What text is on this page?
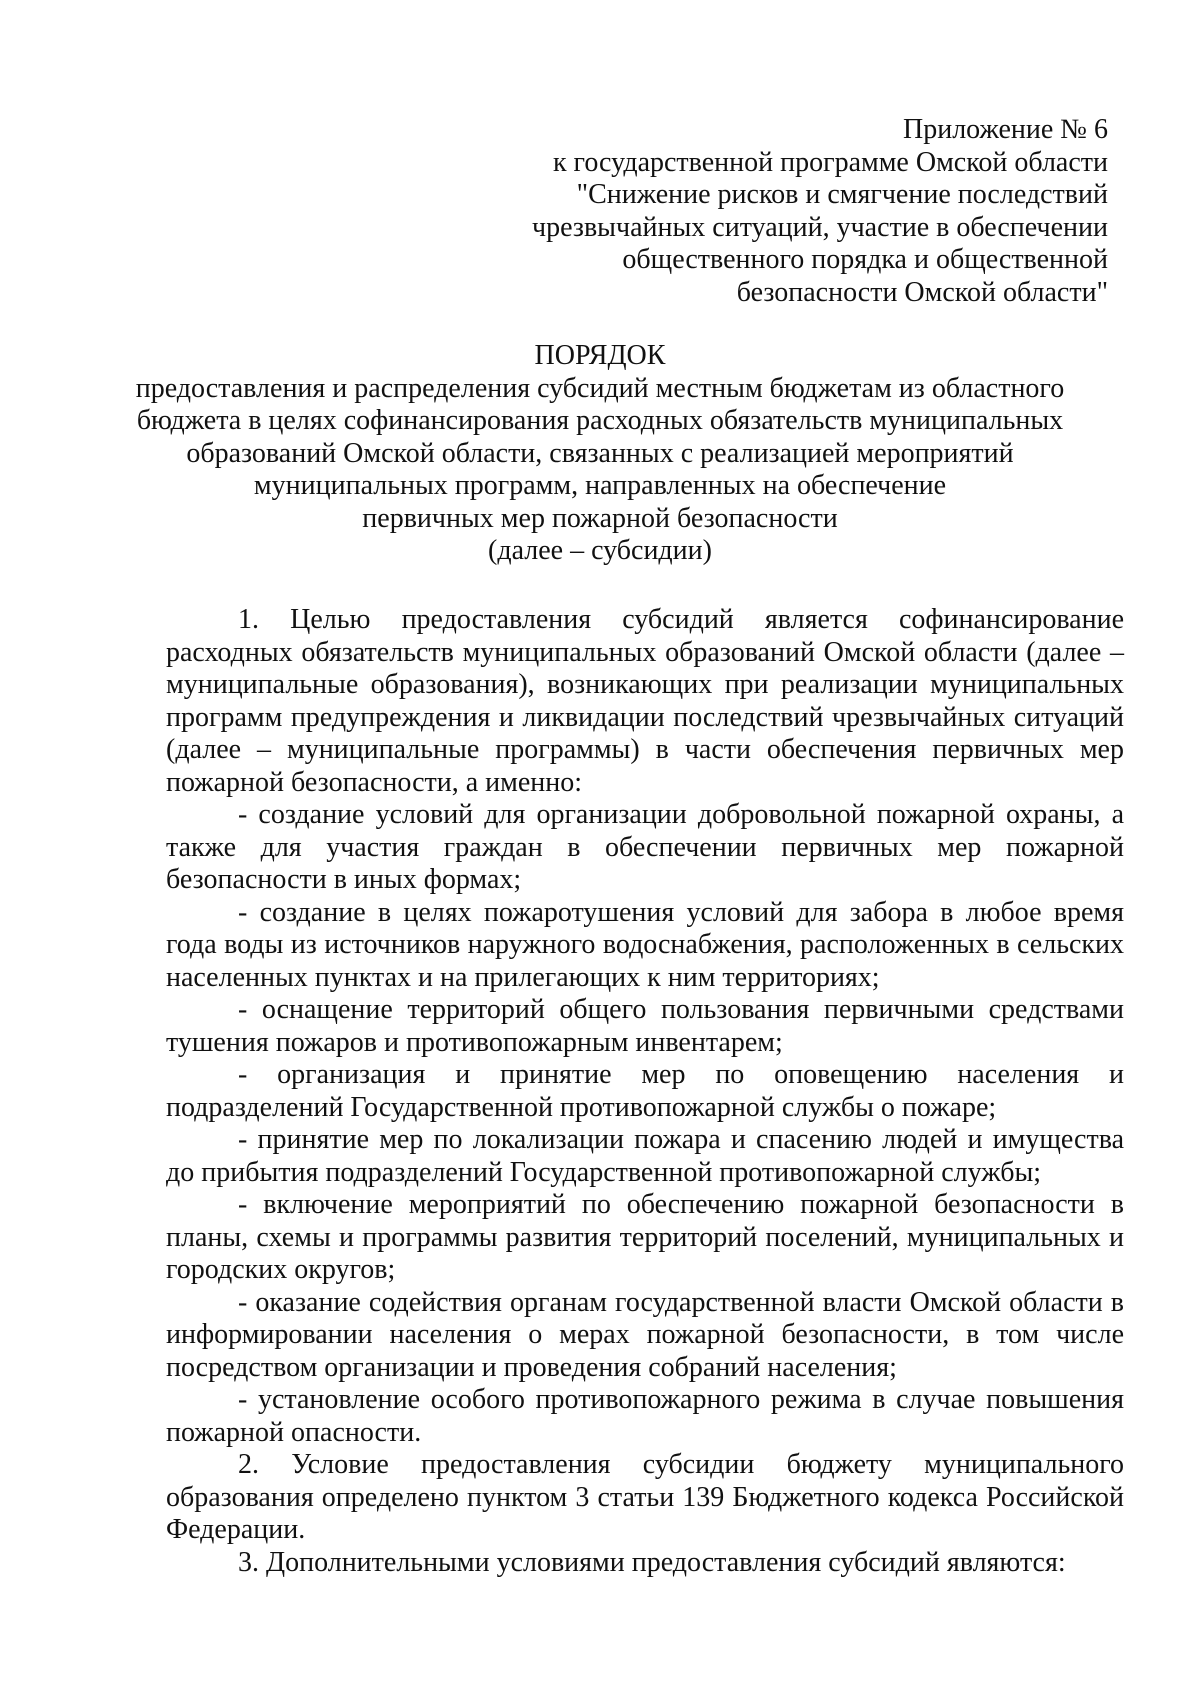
Приложение № 6
к государственной программе Омской области
"Снижение рисков и смягчение последствий
чрезвычайных ситуаций, участие в обеспечении
общественного порядка и общественной
безопасности Омской области"
ПОРЯДОК
предоставления и распределения субсидий местным бюджетам из областного
бюджета в целях софинансирования расходных обязательств муниципальных
образований Омской области, связанных с реализацией мероприятий
муниципальных программ, направленных на обеспечение
первичных мер пожарной безопасности
(далее – субсидии)

1. Целью предоставления субсидий является софинансирование расходных обязательств муниципальных образований Омской области (далее – муниципальные образования), возникающих при реализации муниципальных программ предупреждения и ликвидации последствий чрезвычайных ситуаций (далее – муниципальные программы) в части обеспечения первичных мер пожарной безопасности, а именно:

- создание условий для организации добровольной пожарной охраны, а также для участия граждан в обеспечении первичных мер пожарной безопасности в иных формах;

- создание в целях пожаротушения условий для забора в любое время года воды из источников наружного водоснабжения, расположенных в сельских населенных пунктах и на прилегающих к ним территориях;

- оснащение территорий общего пользования первичными средствами тушения пожаров и противопожарным инвентарем;

- организация и принятие мер по оповещению населения и подразделений Государственной противопожарной службы о пожаре;

- принятие мер по локализации пожара и спасению людей и имущества до прибытия подразделений Государственной противопожарной службы;

- включение мероприятий по обеспечению пожарной безопасности в планы, схемы и программы развития территорий поселений, муниципальных и городских округов;

- оказание содействия органам государственной власти Омской области в информировании населения о мерах пожарной безопасности, в том числе посредством организации и проведения собраний населения;

- установление особого противопожарного режима в случае повышения пожарной опасности.

2. Условие предоставления субсидии бюджету муниципального образования определено пунктом 3 статьи 139 Бюджетного кодекса Российской Федерации.

3. Дополнительными условиями предоставления субсидий являются:
